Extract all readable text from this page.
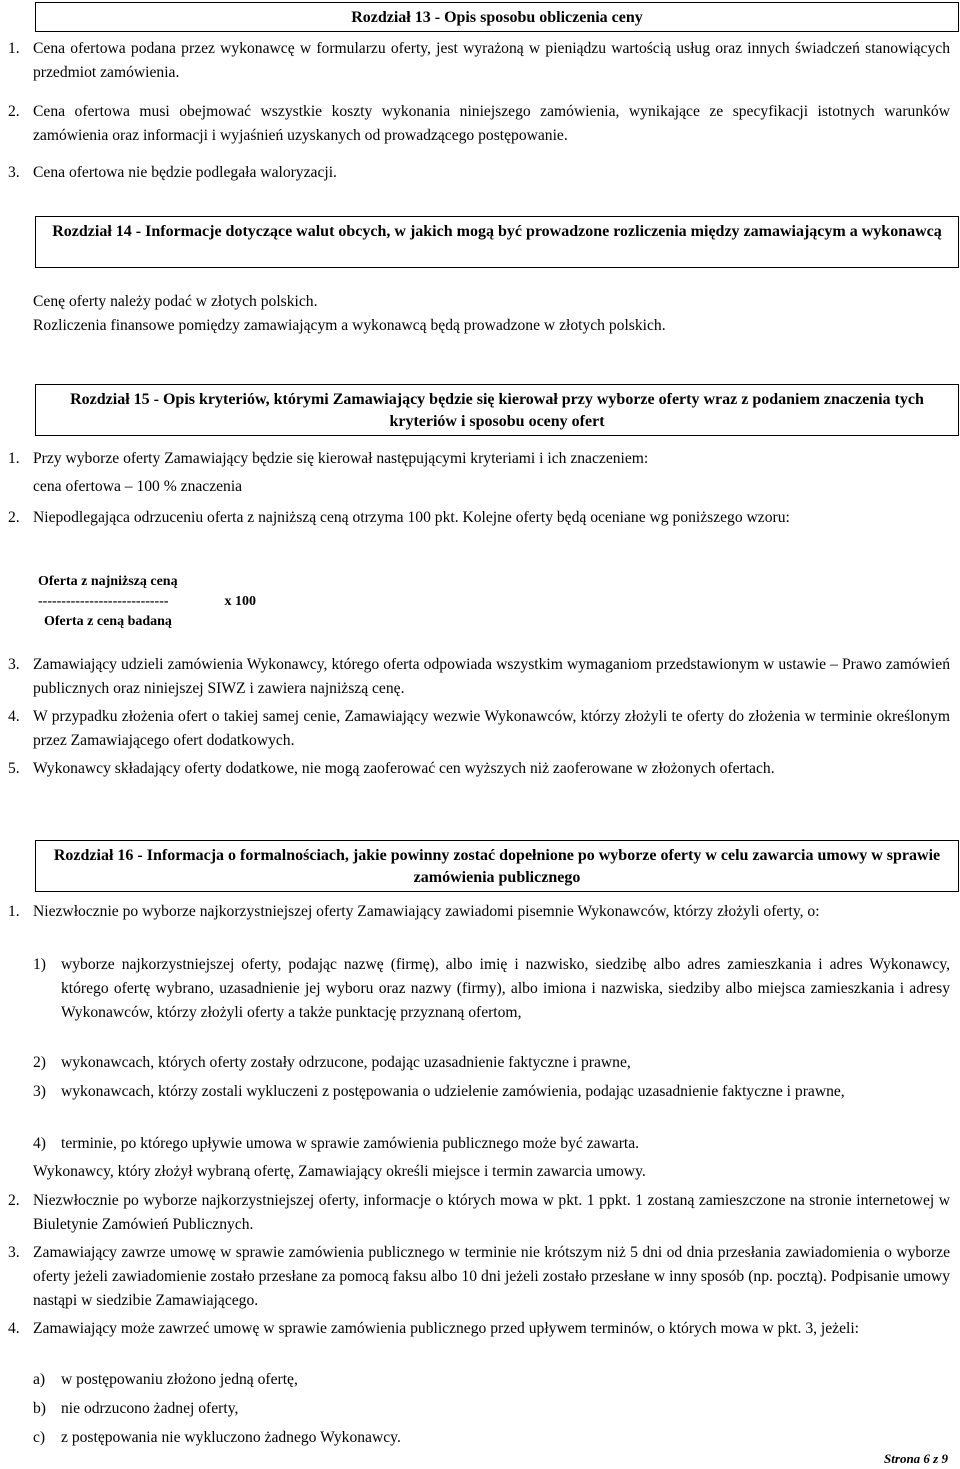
Rozdział 13 - Opis sposobu obliczenia ceny
1. Cena ofertowa podana przez wykonawcę w formularzu oferty, jest wyrażoną w pieniądzu wartością usług oraz innych świadczeń stanowiących przedmiot zamówienia.
2. Cena ofertowa musi obejmować wszystkie koszty wykonania niniejszego zamówienia, wynikające ze specyfikacji istotnych warunków zamówienia oraz informacji i wyjaśnień uzyskanych od prowadzącego postępowanie.
3. Cena ofertowa nie będzie podlegała waloryzacji.
Rozdział 14 - Informacje dotyczące walut obcych, w jakich mogą być prowadzone rozliczenia między zamawiającym a wykonawcą
Cenę oferty należy podać w złotych polskich.
Rozliczenia finansowe pomiędzy zamawiającym a wykonawcą będą prowadzone w złotych polskich.
Rozdział 15 - Opis kryteriów, którymi Zamawiający będzie się kierował przy wyborze oferty wraz z podaniem znaczenia tych kryteriów i sposobu oceny ofert
1. Przy wyborze oferty Zamawiający będzie się kierował następującymi kryteriami i ich znaczeniem:
cena ofertowa – 100 % znaczenia
2. Niepodlegająca odrzuceniu oferta z najniższą ceną otrzyma 100 pkt. Kolejne oferty będą oceniane wg poniższego wzoru:
Oferta z najniższą ceną
----------------------------	x 100
Oferta z ceną badaną
3. Zamawiający udzieli zamówienia Wykonawcy, którego oferta odpowiada wszystkim wymaganiom przedstawionym w ustawie – Prawo zamówień publicznych oraz niniejszej SIWZ i zawiera najniższą cenę.
4. W przypadku złożenia ofert o takiej samej cenie, Zamawiający wezwie Wykonawców, którzy złożyli te oferty do złożenia w terminie określonym przez Zamawiającego ofert dodatkowych.
5. Wykonawcy składający oferty dodatkowe, nie mogą zaoferować cen wyższych niż zaoferowane w złożonych ofertach.
Rozdział 16 - Informacja o formalnościach, jakie powinny zostać dopełnione po wyborze oferty w celu zawarcia umowy w sprawie zamówienia publicznego
1. Niezwłocznie po wyborze najkorzystniejszej oferty Zamawiający zawiadomi pisemnie Wykonawców, którzy złożyli oferty, o:
1) wyborze najkorzystniejszej oferty, podając nazwę (firmę), albo imię i nazwisko, siedzibę albo adres zamieszkania i adres Wykonawcy, którego ofertę wybrano, uzasadnienie jej wyboru oraz nazwy (firmy), albo imiona i nazwiska, siedziby albo miejsca zamieszkania i adresy Wykonawców, którzy złożyli oferty a także punktację przyznaną ofertom,
2) wykonawcach, których oferty zostały odrzucone, podając uzasadnienie faktyczne i prawne,
3) wykonawcach, którzy zostali wykluczeni z postępowania o udzielenie zamówienia, podając uzasadnienie faktyczne i prawne,
4) terminie, po którego upływie umowa w sprawie zamówienia publicznego może być zawarta.
Wykonawcy, który złożył wybraną ofertę, Zamawiający określi miejsce i termin zawarcia umowy.
2. Niezwłocznie po wyborze najkorzystniejszej oferty, informacje o których mowa w pkt. 1 ppkt. 1 zostaną zamieszczone na stronie internetowej w Biuletynie Zamówień Publicznych.
3. Zamawiający zawrze umowę w sprawie zamówienia publicznego w terminie nie krótszym niż 5 dni od dnia przesłania zawiadomienia o wyborze oferty jeżeli zawiadomienie zostało przesłane za pomocą faksu albo 10 dni jeżeli zostało przesłane w inny sposób (np. pocztą). Podpisanie umowy nastąpi w siedzibie Zamawiającego.
4. Zamawiający może zawrzeć umowę w sprawie zamówienia publicznego przed upływem terminów, o których mowa w pkt. 3, jeżeli:
a) w postępowaniu złożono jedną ofertę,
b) nie odrzucono żadnej oferty,
c) z postępowania nie wykluczono żadnego Wykonawcy.
Strona 6 z 9
